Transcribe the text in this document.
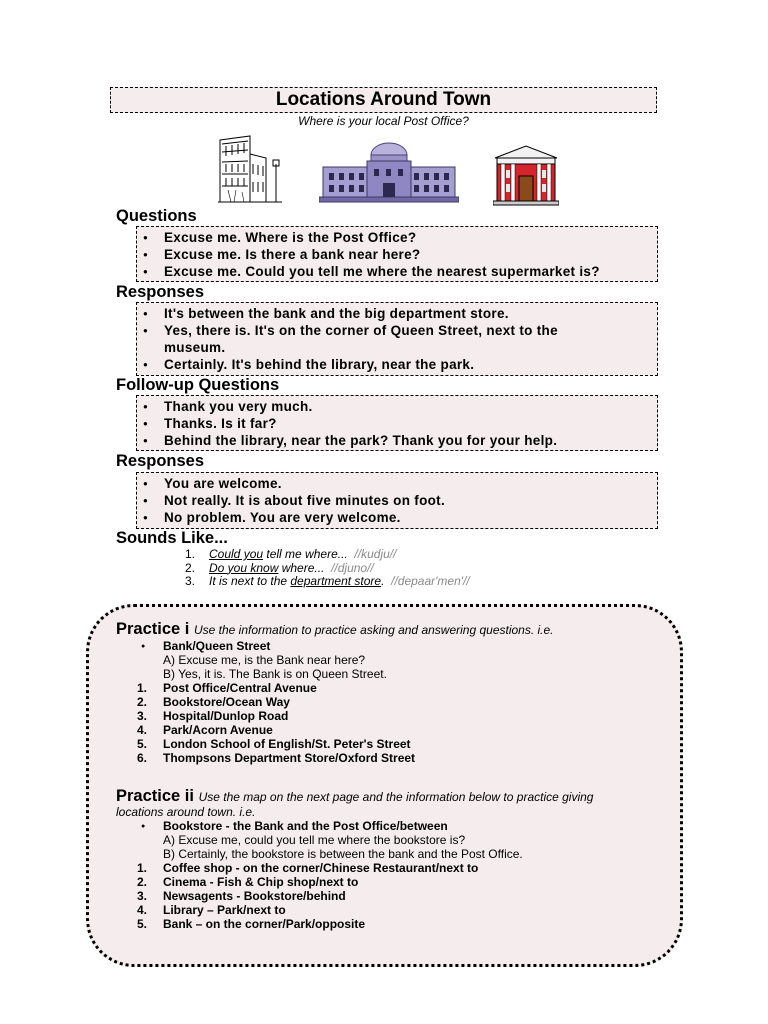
Locations Around Town
Where is your local Post Office?
Questions
● Excuse me. Where is the Post Office?
● Excuse me. Is there a bank near here?
● Excuse me. Could you tell me where the nearest supermarket is?
Responses
● It's between the bank and the big department store.
● Yes, there is. It's on the corner of Queen Street, next to the museum.
● Certainly. It's behind the library, near the park.
Follow-up Questions
● Thank you very much.
● Thanks. Is it far?
● Behind the library, near the park? Thank you for your help.
Responses
● You are welcome.
● Not really. It is about five minutes on foot.
● No problem. You are very welcome.
Sounds Like...
1. Could you tell me where...  //kudju//
2. Do you know where...  //djuno//
3. It is next to the department store.  //depaar'men'//
Practice i Use the information to practice asking and answering questions. i.e.
● Bank/Queen Street
A) Excuse me, is the Bank near here?
B) Yes, it is. The Bank is on Queen Street.
1. Post Office/Central Avenue
2. Bookstore/Ocean Way
3. Hospital/Dunlop Road
4. Park/Acorn Avenue
5. London School of English/St. Peter's Street
6. Thompsons Department Store/Oxford Street
Practice ii Use the map on the next page and the information below to practice giving
locations around town. i.e.
● Bookstore - the Bank and the Post Office/between
A) Excuse me, could you tell me where the bookstore is?
B) Certainly, the bookstore is between the bank and the Post Office.
1. Coffee shop - on the corner/Chinese Restaurant/next to
2. Cinema - Fish & Chip shop/next to
3. Newsagents - Bookstore/behind
4. Library – Park/next to
5. Bank – on the corner/Park/opposite
